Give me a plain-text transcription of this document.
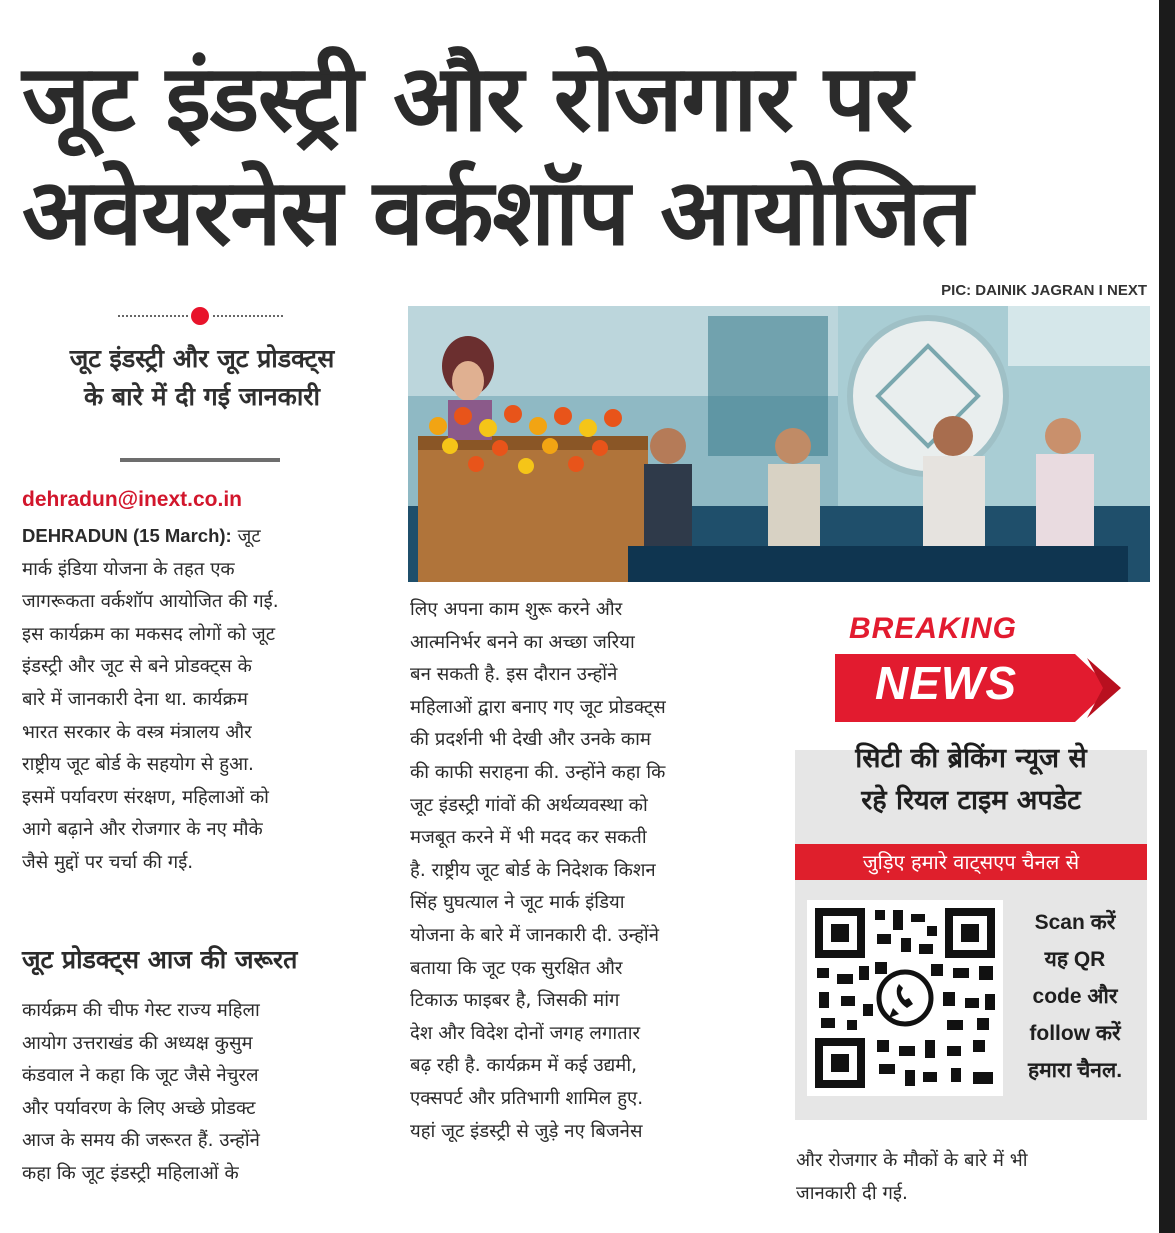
जूट इंडस्ट्री और रोजगार पर
अवेयरनेस वर्कशॉप आयोजित
PIC: DAINIK JAGRAN I NEXT
जूट इंडस्ट्री और जूट प्रोडक्ट्स
के बारे में दी गई जानकारी
dehradun@inext.co.in

DEHRADUN (15 March): जूट

मार्क इंडिया योजना के तहत एक

जागरूकता वर्कशॉप आयोजित की गई.

इस कार्यक्रम का मकसद लोगों को जूट

इंडस्ट्री और जूट से बने प्रोडक्ट्स के

बारे में जानकारी देना था. कार्यक्रम

भारत सरकार के वस्त्र मंत्रालय और

राष्ट्रीय जूट बोर्ड के सहयोग से हुआ.

इसमें पर्यावरण संरक्षण, महिलाओं को

आगे बढ़ाने और रोजगार के नए मौके

जैसे मुद्दों पर चर्चा की गई.

जूट प्रोडक्ट्स आज की जरूरत

कार्यक्रम की चीफ गेस्ट राज्य महिला

आयोग उत्तराखंड की अध्यक्ष कुसुम

कंडवाल ने कहा कि जूट जैसे नेचुरल

और पर्यावरण के लिए अच्छे प्रोडक्ट

आज के समय की जरूरत हैं. उन्होंने

कहा कि जूट इंडस्ट्री महिलाओं के

लिए अपना काम शुरू करने और

आत्मनिर्भर बनने का अच्छा जरिया

बन सकती है. इस दौरान उन्होंने

महिलाओं द्वारा बनाए गए जूट प्रोडक्ट्स

की प्रदर्शनी भी देखी और उनके काम

की काफी सराहना की. उन्होंने कहा कि

जूट इंडस्ट्री गांवों की अर्थव्यवस्था को

मजबूत करने में भी मदद कर सकती

है. राष्ट्रीय जूट बोर्ड के निदेशक किशन

सिंह घुघत्याल ने जूट मार्क इंडिया

योजना के बारे में जानकारी दी. उन्होंने

बताया कि जूट एक सुरक्षित और

टिकाऊ फाइबर है, जिसकी मांग

देश और विदेश दोनों जगह लगातार

बढ़ रही है. कार्यक्रम में कई उद्यमी,

एक्सपर्ट और प्रतिभागी शामिल हुए.

यहां जूट इंडस्ट्री से जुड़े नए बिजनेस

BREAKING
NEWS
सिटी की ब्रेकिंग न्यूज से
रहे रियल टाइम अपडेट
जुड़िए हमारे वाट्सएप चैनल से
Scan करें
यह QR
code और
follow करें
हमारा चैनल.

और रोजगार के मौकों के बारे में भी

जानकारी दी गई.
